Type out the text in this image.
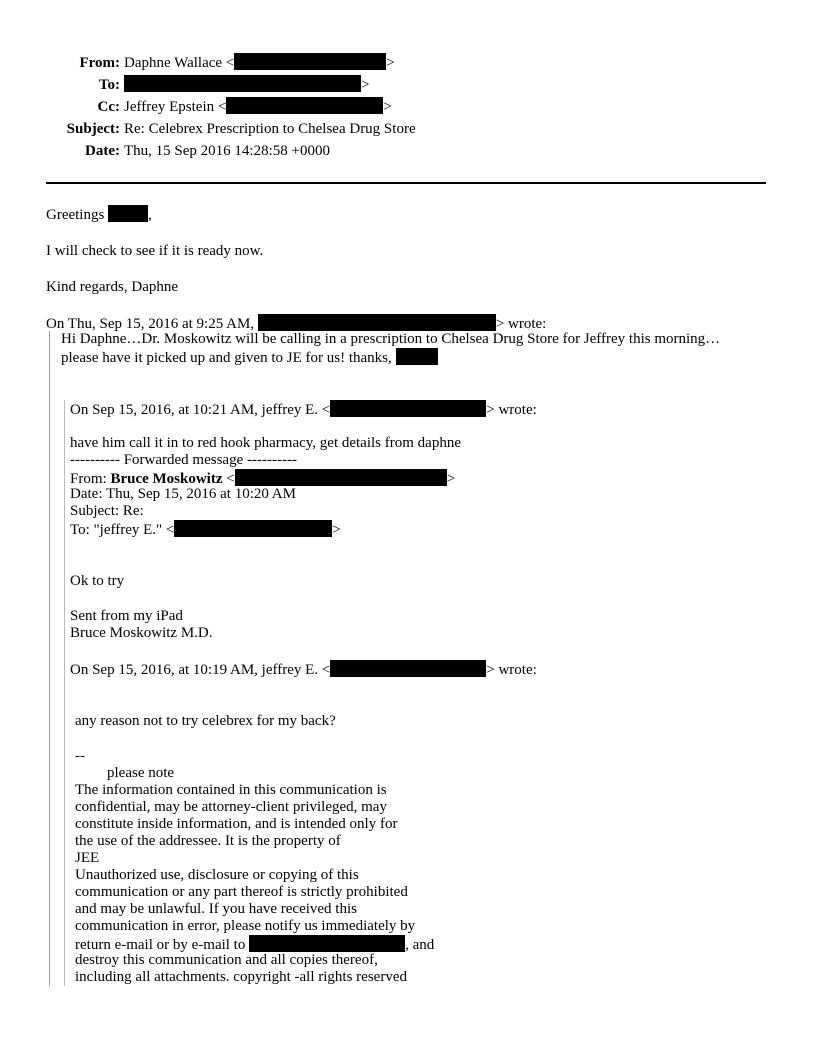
From: Daphne Wallace <	>
To:	>
Cc: Jeffrey Epstein <	>
Subject: Re: Celebrex Prescription to Chelsea Drug Store
Date: Thu, 15 Sep 2016 14:28:58 +0000

Greetings	,

I will check to see if it is ready now.

Kind regards, Daphne

On Thu, Sep 15, 2016 at 9:25 AM,	> wrote:

Hi Daphne…Dr. Moskowitz will be calling in a prescription to Chelsea Drug Store for Jeffrey this morning…
please have it picked up and given to JE for us! thanks,
On Sep 15, 2016, at 10:21 AM, jeffrey E. <	> wrote:
have him call it in to red hook pharmacy, get details from daphne
---------- Forwarded message ----------
From: Bruce Moskowitz <	>
Date: Thu, Sep 15, 2016 at 10:20 AM
Subject: Re:
To: "jeffrey E." <	>
Ok to try
Sent from my iPad
Bruce Moskowitz M.D.
On Sep 15, 2016, at 10:19 AM, jeffrey E. <	> wrote:
any reason not to try celebrex for my back?
--
please note
The information contained in this communication is
confidential, may be attorney-client privileged, may
constitute inside information, and is intended only for
the use of the addressee. It is the property of
JEE
Unauthorized use, disclosure or copying of this
communication or any part thereof is strictly prohibited
and may be unlawful. If you have received this
communication in error, please notify us immediately by
return e-mail or by e-mail to	, and
destroy this communication and all copies thereof,
including all attachments. copyright -all rights reserved
